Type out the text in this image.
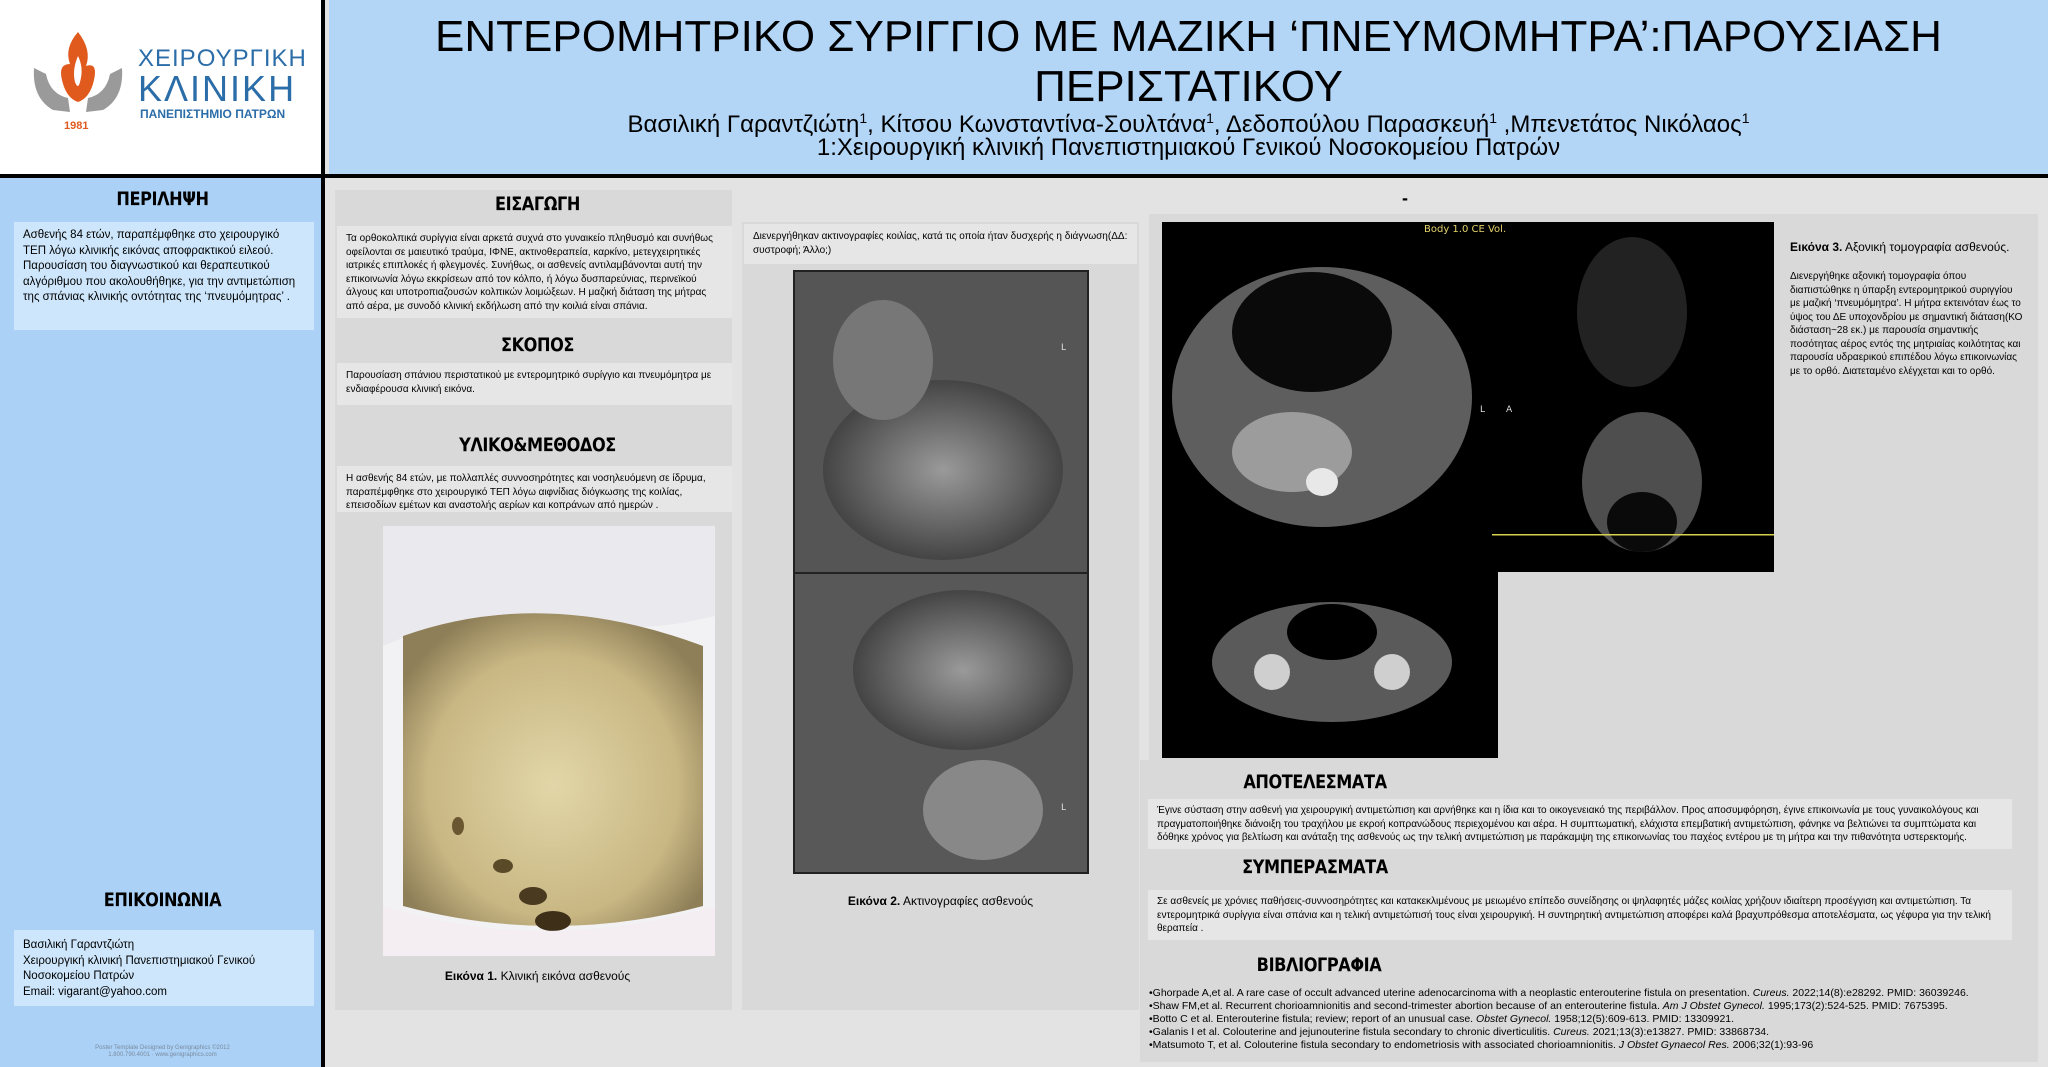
1981
ΧΕΙΡΟΥΡΓΙΚΗ
ΚΛΙΝΙΚΗ
ΠΑΝΕΠΙΣΤΗΜΙΟ ΠΑΤΡΩΝ
ΕΝΤΕΡΟΜΗΤΡΙΚΟ ΣΥΡΙΓΓΙΟ ΜΕ ΜΑΖΙΚΗ ‘ΠΝΕΥΜΟΜΗΤΡΑ’:ΠΑΡΟΥΣΙΑΣΗ
ΠΕΡΙΣΤΑΤΙΚΟΥ
Βασιλική Γαραντζιώτη$^1$, Κίτσου Κωνσταντίνα-Σουλτάνα$^1$, Δεδοπούλου Παρασκευή$^1$ ,Μπενετάτος Νικόλαος$^1$
1:Χειρουργική κλινική Πανεπιστημιακού Γενικού Νοσοκομείου Πατρών
ΠΕΡΙΛΗΨΗ
Ασθενής 84 ετών, παραπέμφθηκε στο χειρουργικό ΤΕΠ λόγω κλινικής εικόνας αποφρακτικού ειλεού. Παρουσίαση του διαγνωστικού και θεραπευτικού αλγόριθμου που ακολουθήθηκε, για την αντιμετώπιση της σπάνιας κλινικής οντότητας της ‘πνευμόμητρας’ .
ΕΠΙΚΟΙΝΩΝΙΑ
Βασιλική Γαραντζιώτη
Χειρουργική κλινική Πανεπιστημιακού Γενικού
Νοσοκομείου Πατρών
Email: vigarant@yahoo.com
Poster Template Designed by Genigraphics ©2012
1.800.790.4001 · www.genigraphics.com
ΕΙΣΑΓΩΓΗ
Τα ορθοκολπικά συρίγγια είναι αρκετά συχνά στο γυναικείο πληθυσμό και συνήθως οφείλονται σε μαιευτικό τραύμα, ΙΦΝΕ, ακτινοθεραπεία, καρκίνο, μετεγχειρητικές ιατρικές επιπλοκές ή φλεγμονές. Συνήθως, οι ασθενείς αντιλαμβάνονται αυτή την επικοινωνία λόγω εκκρίσεων από τον κόλπο, ή λόγω δυσπαρεύνιας, περινεϊκού άλγους και υποτροπιαζουσών κολπικών λοιμώξεων. Η μαζική διάταση της μήτρας από αέρα, με συνοδό κλινική εκδήλωση από την κοιλιά είναι σπάνια.
ΣΚΟΠΟΣ
Παρουσίαση σπάνιου περιστατικού με εντερομητρικό συρίγγιο και πνευμόμητρα με ενδιαφέρουσα κλινική εικόνα.
ΥΛΙΚΟ&ΜΕΘΟΔΟΣ
Η ασθενής 84 ετών, με πολλαπλές συννοσηρότητες και νοσηλευόμενη σε ίδρυμα, παραπέμφθηκε στο χειρουργικό ΤΕΠ λόγω αιφνίδιας διόγκωσης της κοιλίας, επεισοδίων εμέτων και αναστολής αερίων και κοπράνων από ημερών .
Εικόνα 1. Κλινική εικόνα ασθενούς
Διενεργήθηκαν ακτινογραφίες κοιλίας, κατά τις οποία ήταν δυσχερής η διάγνωση(ΔΔ: συστροφή; Άλλο;)
L
L
Εικόνα 2. Ακτινογραφίες ασθενούς
-
Body 1.0 CE Vol.
L A
Εικόνα 3. Αξονική τομογραφία ασθενούς.
Διενεργήθηκε αξονική τομογραφία όπου διαπιστώθηκε η ύπαρξη εντερομητρικού συριγγίου με μαζική ‘πνευμόμητρα’. Η μήτρα εκτεινόταν έως το ύψος του ΔΕ υποχονδρίου με σημαντική διάταση(ΚΟ διάσταση~28 εκ.) με παρουσία σημαντικής ποσότητας αέρος εντός της μητριαίας κοιλότητας και παρουσία υδραερικού επιπέδου λόγω επικοινωνίας με το ορθό. Διατεταμένο ελέγχεται και το ορθό.
ΑΠΟΤΕΛΕΣΜΑΤΑ
Έγινε σύσταση στην ασθενή για χειρουργική αντιμετώπιση και αρνήθηκε και η ίδια και το οικογενειακό της περιβάλλον. Προς αποσυμφόρηση, έγινε επικοινωνία με τους γυναικολόγους και πραγματοποιήθηκε διάνοιξη του τραχήλου με εκροή κοπρανώδους περιεχομένου και αέρα. Η συμπτωματική, ελάχιστα επεμβατική αντιμετώπιση, φάνηκε να βελτιώνει τα συμπτώματα και δόθηκε χρόνος για βελτίωση και ανάταξη της ασθενούς ως την τελική αντιμετώπιση με παράκαμψη της επικοινωνίας του παχέος εντέρου με τη μήτρα και την πιθανότητα υστερεκτομής.
ΣΥΜΠΕΡΑΣΜΑΤΑ
Σε ασθενείς με χρόνιες παθήσεις-συννοσηρότητες και κατακεκλιμένους με μειωμένο επίπεδο συνείδησης οι ψηλαφητές μάζες κοιλίας χρήζουν ιδιαίτερη προσέγγιση και αντιμετώπιση. Τα εντερομητρικά συρίγγια είναι σπάνια και η τελική αντιμετώπισή τους είναι χειρουργική. Η συντηρητική αντιμετώπιση αποφέρει καλά βραχυπρόθεσμα αποτελέσματα, ως γέφυρα για την τελική θεραπεία .
ΒΙΒΛΙΟΓΡΑΦΙΑ
•Ghorpade A,et al. A rare case of occult advanced uterine adenocarcinoma with a neoplastic enterouterine fistula on presentation. Cureus. 2022;14(8):e28292. PMID: 36039246.
•Shaw FM,et al. Recurrent chorioamnionitis and second-trimester abortion because of an enterouterine fistula. Am J Obstet Gynecol. 1995;173(2):524-525. PMID: 7675395.
•Botto C et al. Enterouterine fistula; review; report of an unusual case. Obstet Gynecol. 1958;12(5):609-613. PMID: 13309921.
•Galanis I et al. Colouterine and jejunouterine fistula secondary to chronic diverticulitis. Cureus. 2021;13(3):e13827. PMID: 33868734.
•Matsumoto T, et al. Colouterine fistula secondary to endometriosis with associated chorioamnionitis. J Obstet Gynaecol Res. 2006;32(1):93-96
